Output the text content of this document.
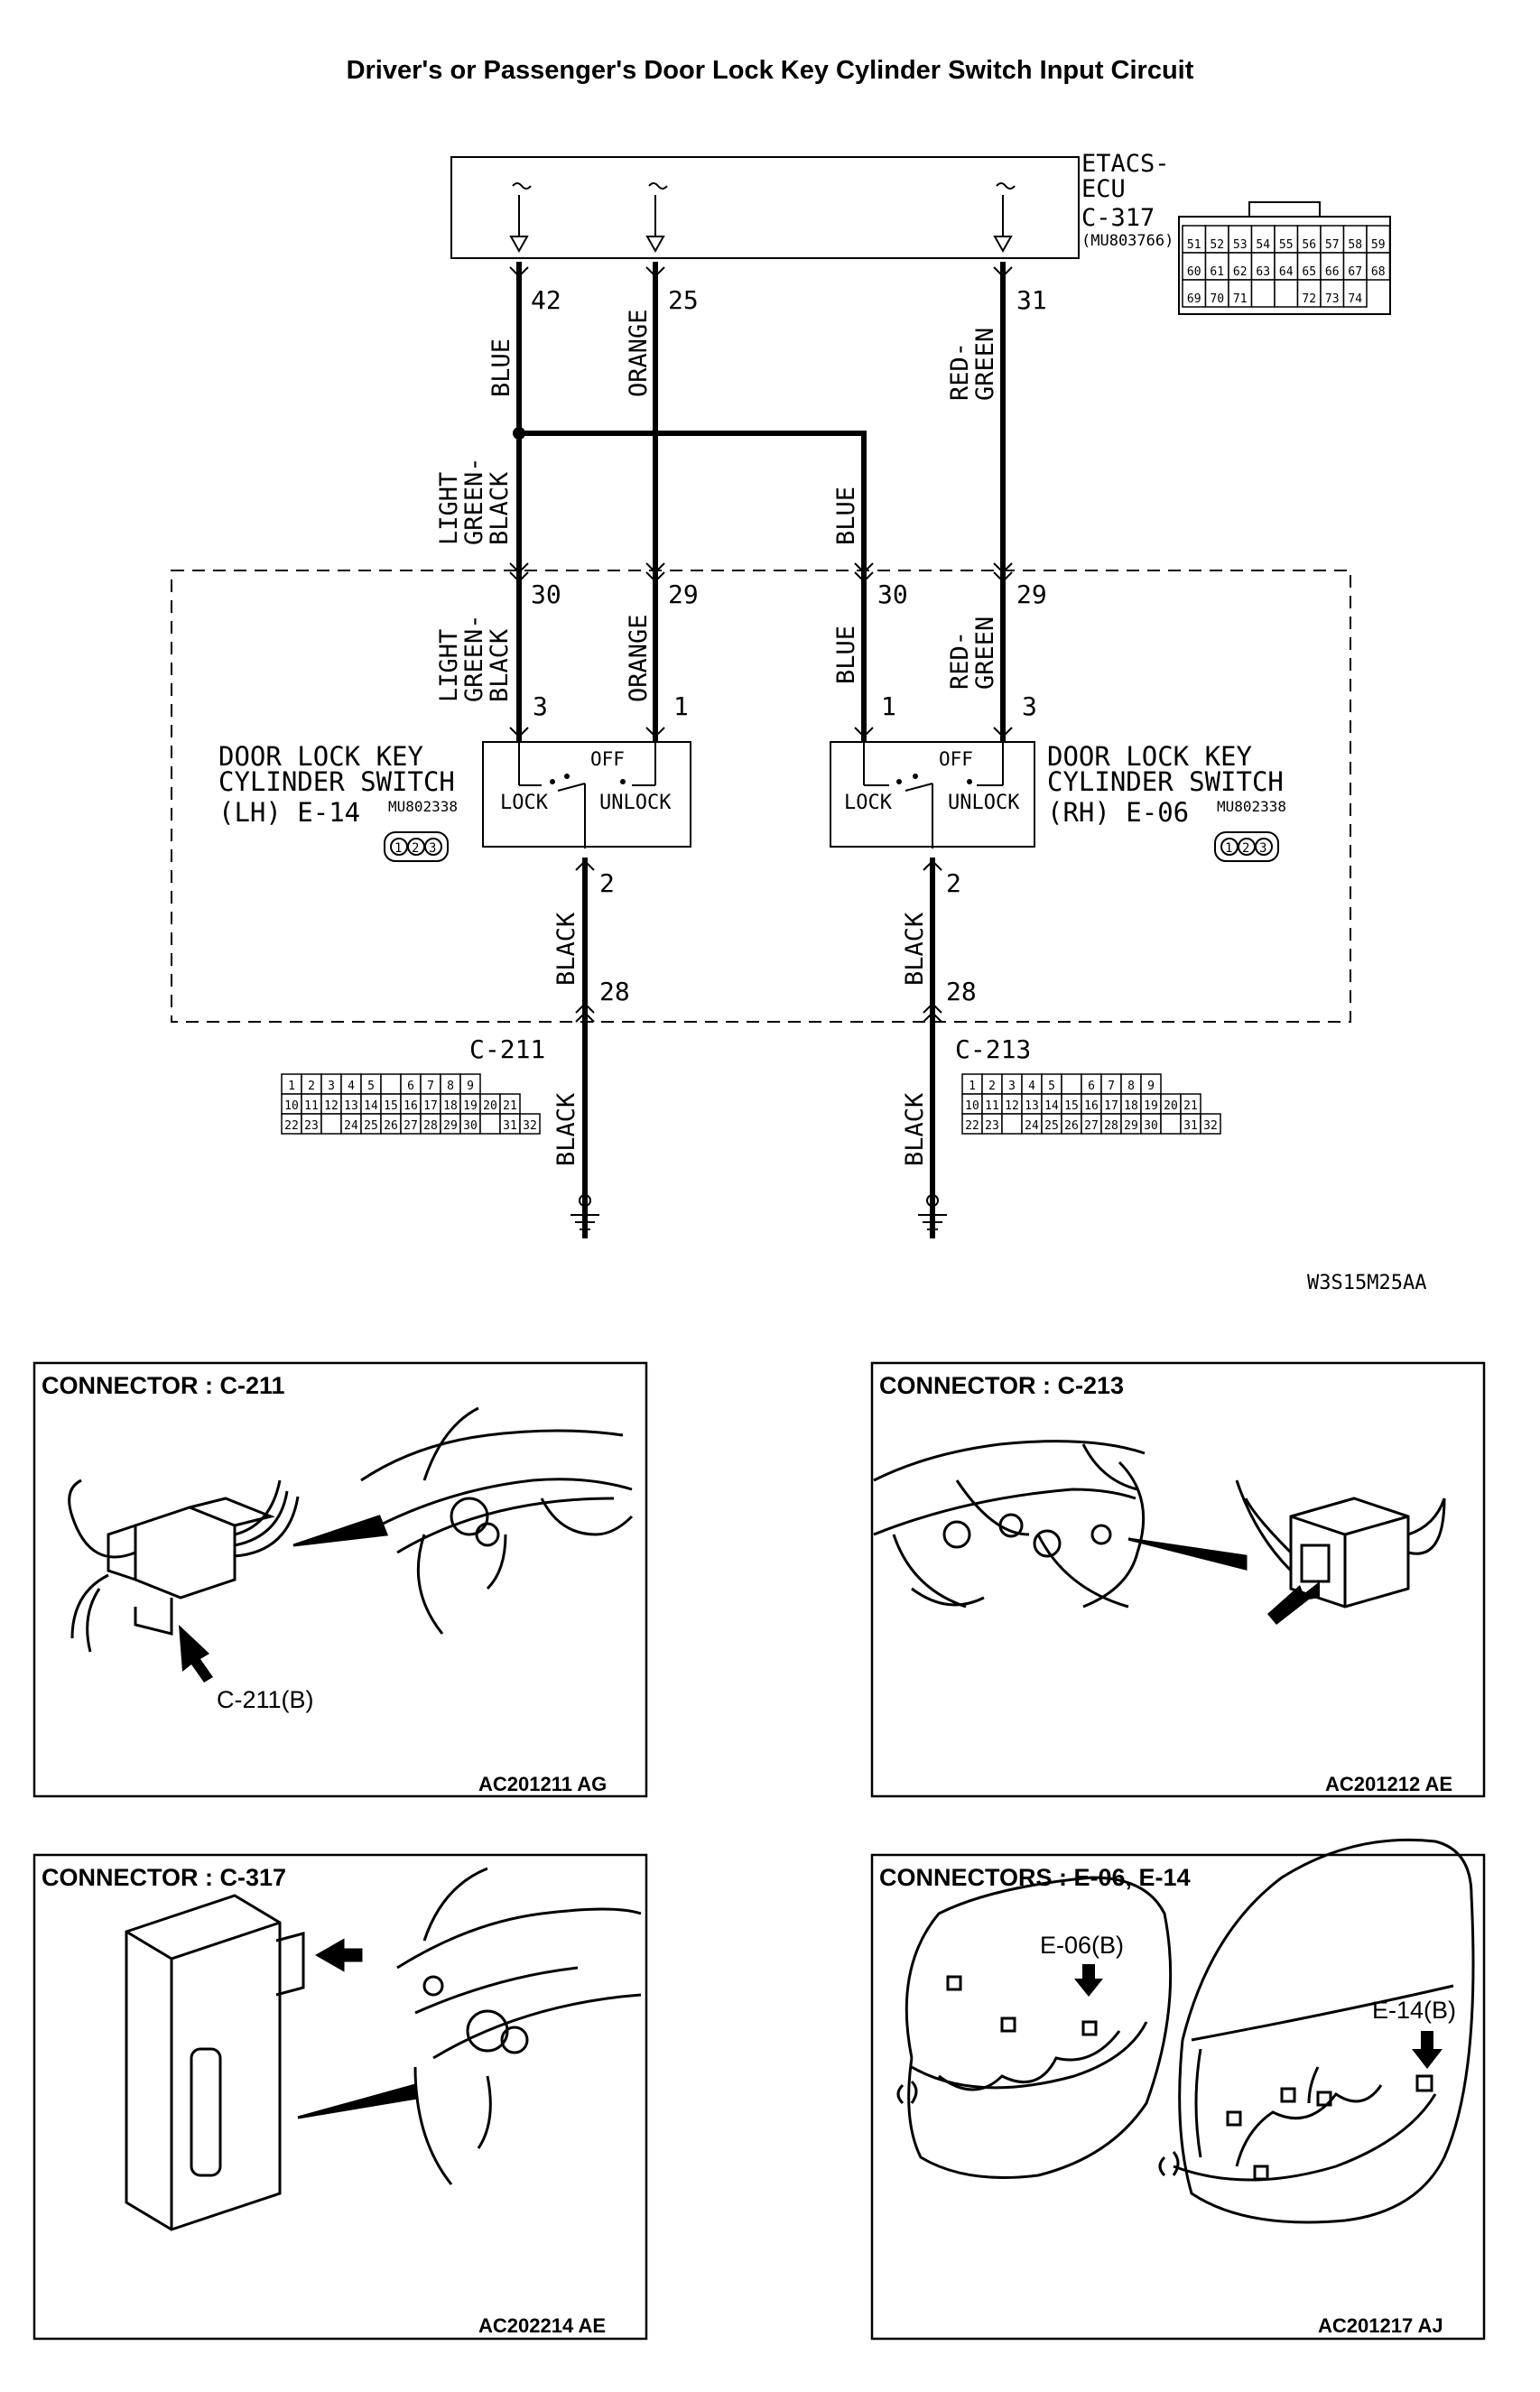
Driver's or Passenger's Door Lock Key Cylinder Switch Input Circuit
ETACS-
ECU
C-317
(MU803766) 51 52 53 54 55 56 57 58 59
60 61 62 63 64 65 66 67 68
69 70 71	72 73 74
42	25	31
30	29	30	29
3	1	1	3
2	2
28	28
BLUE	ORANGE	RED-
GREEN
LIGHT
GREEN-
BLACK	BLUE
LIGHT
GREEN-
BLACK	ORANGE	BLUE	RED-
GREEN
BLACK	BLACK
BLACK	BLACK
OFF
LOCK	UNLOCK
DOOR LOCK KEY
CYLINDER SWITCH
(LH) E-14 MU802338
1 2 3
OFF
LOCK	UNLOCK
DOOR LOCK KEY
CYLINDER SWITCH
(RH) E-06 MU802338
1 2 3
C-211	C-213
1 2 3 4 5	6 7 8 9
10 11 12 13 14 15 16 17 18 19 20 21
22 23 24 25 26 27 28 29 30 31 32
1 2 3 4 5	6 7 8 9
10 11 12 13 14 15 16 17 18 19 20 21
22 23 24 25 26 27 28 29 30 31 32
W3S15M25AA
CONNECTOR : C-211
C-211(B)
AC201211 AG
CONNECTOR : C-213
AC201212 AE
CONNECTOR : C-317
AC202214 AE
CONNECTORS : E-06, E-14
E-06(B)
E-14(B)
AC201217 AJ
